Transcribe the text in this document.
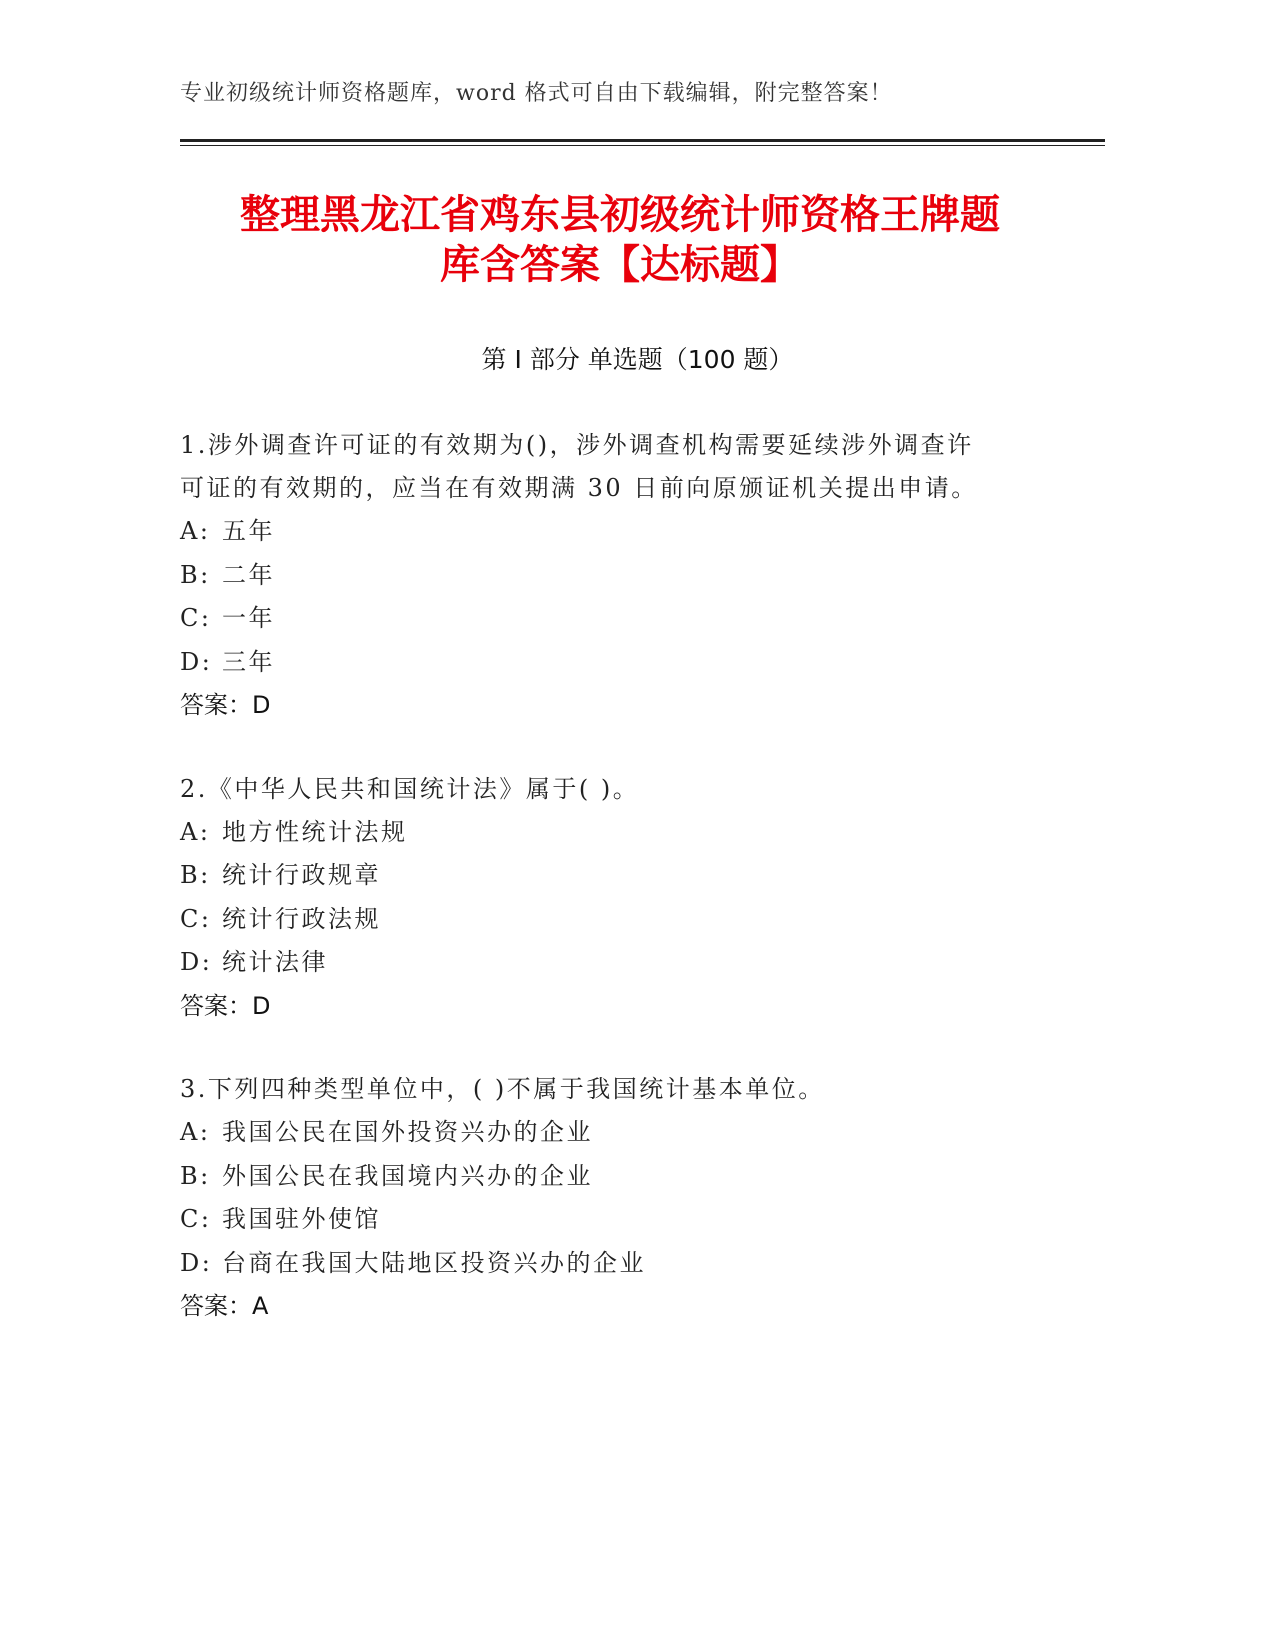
专业初级统计师资格题库，word 格式可自由下载编辑，附完整答案！
整理黑龙江省鸡东县初级统计师资格王牌题
库含答案【达标题】
第 I 部分 单选题（100 题）
1.涉外调查许可证的有效期为()，涉外调查机构需要延续涉外调查许
可证的有效期的，应当在有效期满 30 日前向原颁证机关提出申请。
A: 五年
B: 二年
C: 一年
D: 三年
答案：D
2.《中华人民共和国统计法》属于( )。
A: 地方性统计法规
B: 统计行政规章
C: 统计行政法规
D: 统计法律
答案：D
3.下列四种类型单位中，( )不属于我国统计基本单位。
A: 我国公民在国外投资兴办的企业
B: 外国公民在我国境内兴办的企业
C: 我国驻外使馆
D: 台商在我国大陆地区投资兴办的企业
答案：A
